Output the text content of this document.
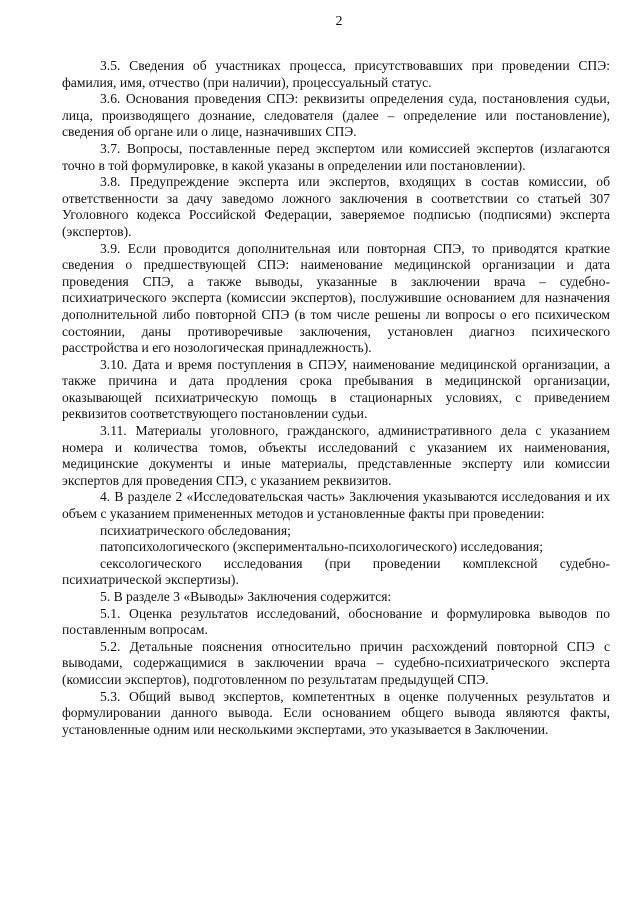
2

3.5. Сведения об участниках процесса, присутствовавших при проведении СПЭ: фамилия, имя, отчество (при наличии), процессуальный статус.

3.6. Основания проведения СПЭ: реквизиты определения суда, постановления судьи, лица, производящего дознание, следователя (далее – определение или постановление), сведения об органе или о лице, назначивших СПЭ.

3.7. Вопросы, поставленные перед экспертом или комиссией экспертов (излагаются точно в той формулировке, в какой указаны в определении или постановлении).

3.8. Предупреждение эксперта или экспертов, входящих в состав комиссии, об ответственности за дачу заведомо ложного заключения в соответствии со статьей 307 Уголовного кодекса Российской Федерации, заверяемое подписью (подписями) эксперта (экспертов).

3.9. Если проводится дополнительная или повторная СПЭ, то приводятся краткие сведения о предшествующей СПЭ: наименование медицинской организации и дата проведения СПЭ, а также выводы, указанные в заключении врача – судебно-психиатрического эксперта (комиссии экспертов), послужившие основанием для назначения дополнительной либо повторной СПЭ (в том числе решены ли вопросы о его психическом состоянии, даны противоречивые заключения, установлен диагноз психического расстройства и его нозологическая принадлежность).

3.10. Дата и время поступления в СПЭУ, наименование медицинской организации, а также причина и дата продления срока пребывания в медицинской организации, оказывающей психиатрическую помощь в стационарных условиях, с приведением реквизитов соответствующего постановлении судьи.

3.11. Материалы уголовного, гражданского, административного дела с указанием номера и количества томов, объекты исследований с указанием их наименования, медицинские документы и иные материалы, представленные эксперту или комиссии экспертов для проведения СПЭ, с указанием реквизитов.

4. В разделе 2 «Исследовательская часть» Заключения указываются исследования и их объем с указанием примененных методов и установленные факты при проведении:

психиатрического обследования;

патопсихологического (экспериментально-психологического) исследования;

сексологического исследования (при проведении комплексной судебно-психиатрической экспертизы).

5. В разделе 3 «Выводы» Заключения содержится:

5.1. Оценка результатов исследований, обоснование и формулировка выводов по поставленным вопросам.

5.2. Детальные пояснения относительно причин расхождений повторной СПЭ с выводами, содержащимися в заключении врача – судебно-психиатрического эксперта (комиссии экспертов), подготовленном по результатам предыдущей СПЭ.

5.3. Общий вывод экспертов, компетентных в оценке полученных результатов и формулировании данного вывода. Если основанием общего вывода являются факты, установленные одним или несколькими экспертами, это указывается в Заключении.
